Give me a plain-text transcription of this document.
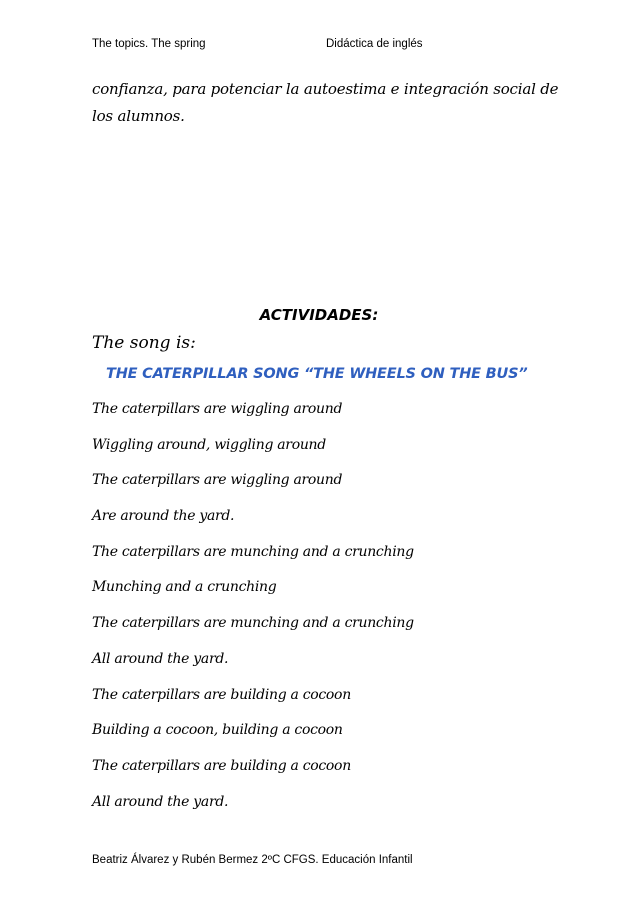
The topics. The spring	Didáctica de inglés

confianza, para potenciar la autoestima e integración social de los alumnos.

ACTIVIDADES:
The song is:
THE CATERPILLAR SONG “THE WHEELS ON THE BUS”
The caterpillars are wiggling around
Wiggling around, wiggling around
The caterpillars are wiggling around
Are around the yard.
The caterpillars are munching and a crunching
Munching and a crunching
The caterpillars are munching and a crunching
All around the yard.
The caterpillars are building a cocoon
Building a cocoon, building a cocoon
The caterpillars are building a cocoon
All around the yard.
Beatriz Álvarez y Rubén Bermez 2ºC CFGS. Educación Infantil
